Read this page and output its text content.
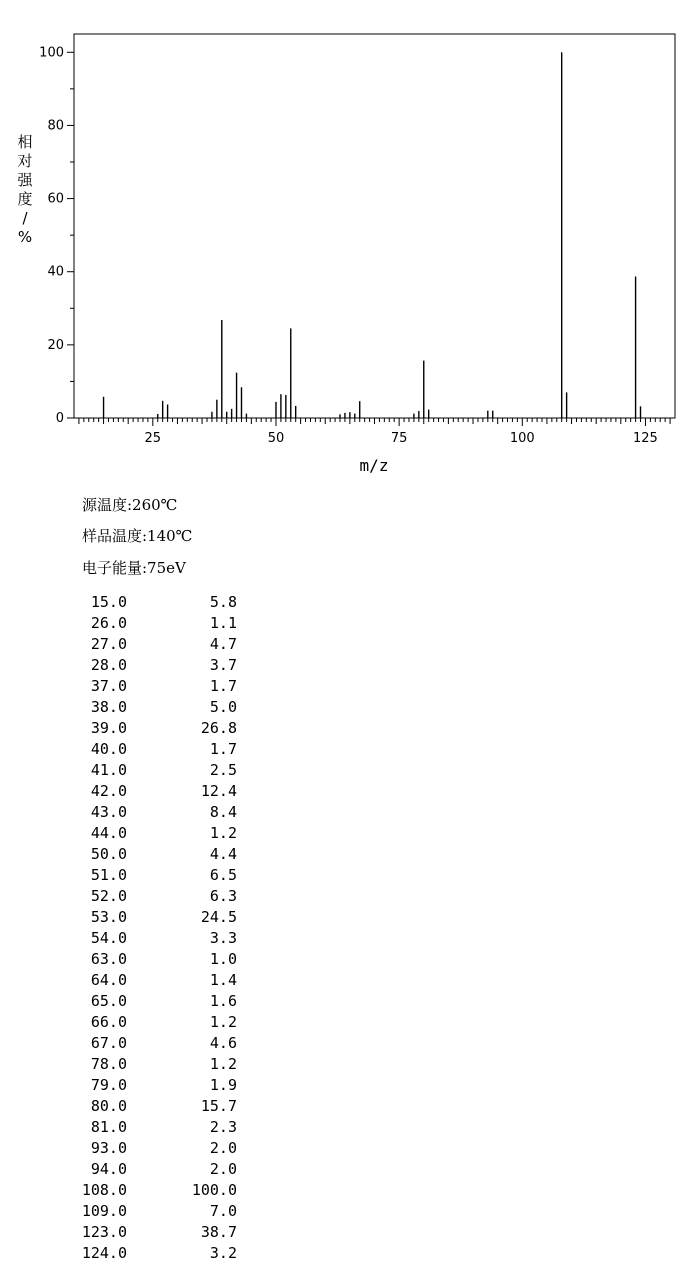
0
20
40
60
80
100
25	50	75	100	125
m/z
相
对
强
度
/
%
源温度:260℃
样品温度:140℃
电子能量:75eV
15.0	5.8
26.0	1.1
27.0	4.7
28.0	3.7
37.0	1.7
38.0	5.0
39.0	26.8
40.0	1.7
41.0	2.5
42.0	12.4
43.0	8.4
44.0	1.2
50.0	4.4
51.0	6.5
52.0	6.3
53.0	24.5
54.0	3.3
63.0	1.0
64.0	1.4
65.0	1.6
66.0	1.2
67.0	4.6
78.0	1.2
79.0	1.9
80.0	15.7
81.0	2.3
93.0	2.0
94.0	2.0
108.0	100.0
109.0	7.0
123.0	38.7
124.0	3.2
